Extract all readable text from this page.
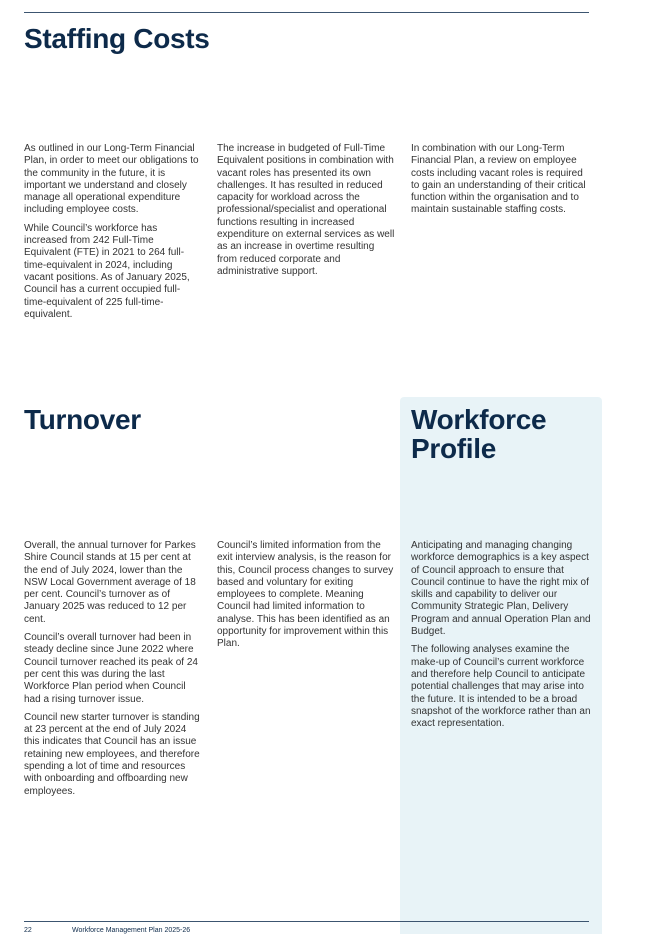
Staffing Costs

As outlined in our Long-Term Financial Plan, in order to meet our obligations to the community in the future, it is important we understand and closely manage all operational expenditure including employee costs.

While Council’s workforce has increased from 242 Full-Time Equivalent (FTE) in 2021 to 264 full-time-equivalent in 2024, including vacant positions. As of January 2025, Council has a current occupied full-time-equivalent of 225 full-time-equivalent.

The increase in budgeted of Full-Time Equivalent positions in combination with vacant roles has presented its own challenges. It has resulted in reduced capacity for workload across the professional/specialist and operational functions resulting in increased expenditure on external services as well as an increase in overtime resulting from reduced corporate and administrative support.

In combination with our Long-Term Financial Plan, a review on employee costs including vacant roles is required to gain an understanding of their critical function within the organisation and to maintain sustainable staffing costs.

Turnover

Overall, the annual turnover for Parkes Shire Council stands at 15 per cent at the end of July 2024, lower than the NSW Local Government average of 18 per cent. Council’s turnover as of January 2025 was reduced to 12 per cent.

Council’s overall turnover had been in steady decline since June 2022 where Council turnover reached its peak of 24 per cent this was during the last Workforce Plan period when Council had a rising turnover issue.

Council new starter turnover is standing at 23 percent at the end of July 2024 this indicates that Council has an issue retaining new employees, and therefore spending a lot of time and resources with onboarding and offboarding new employees.

Council’s limited information from the exit interview analysis, is the reason for this, Council process changes to survey based and voluntary for exiting employees to complete. Meaning Council had limited information to analyse. This has been identified as an opportunity for improvement within this Plan.

Workforce
Profile

Anticipating and managing changing workforce demographics is a key aspect of Council approach to ensure that Council continue to have the right mix of skills and capability to deliver our Community Strategic Plan, Delivery Program and annual Operation Plan and Budget.

The following analyses examine the make-up of Council’s current workforce and therefore help Council to anticipate potential challenges that may arise into the future. It is intended to be a broad snapshot of the workforce rather than an exact representation.

22	Workforce Management Plan 2025-26
